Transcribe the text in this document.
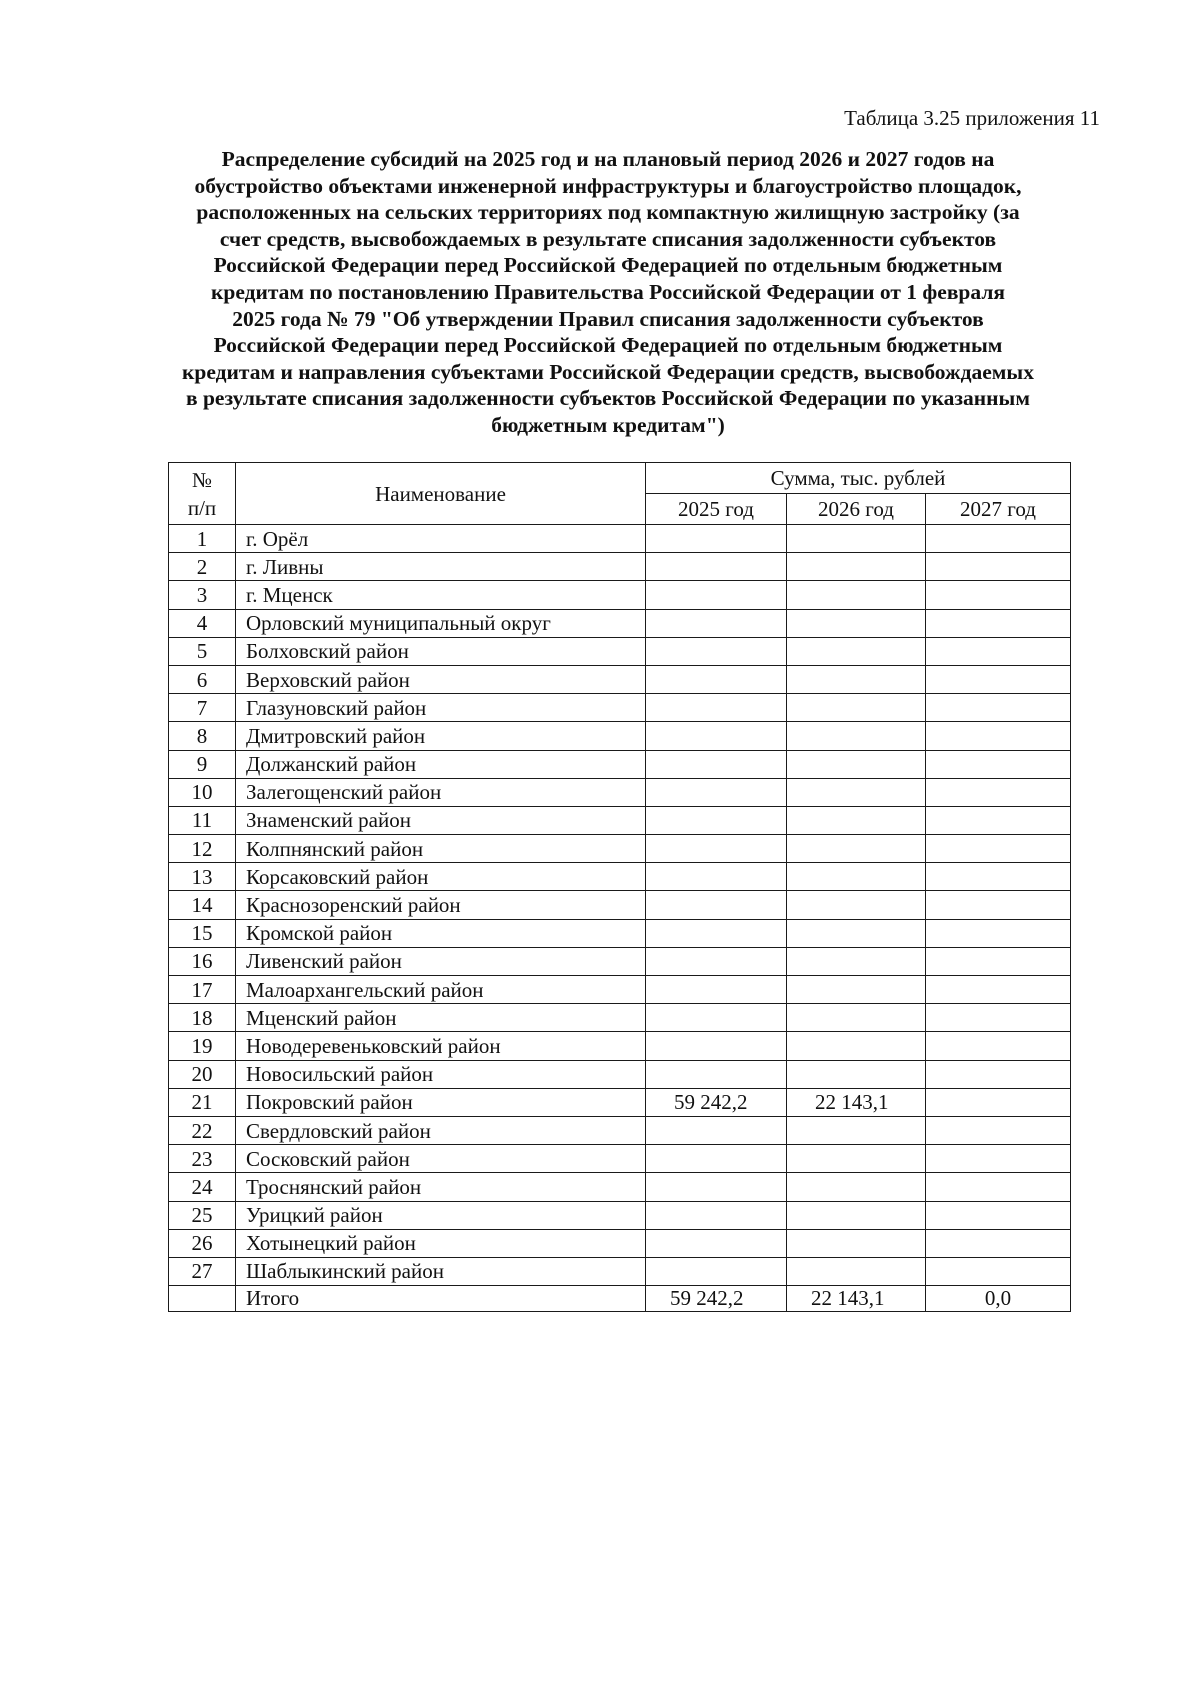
Таблица 3.25 приложения 11
Распределение субсидий на 2025 год и на плановый период 2026 и 2027 годов на
обустройство объектами инженерной инфраструктуры и благоустройство площадок,
расположенных на сельских территориях под компактную жилищную застройку (за
счет средств, высвобождаемых в результате списания задолженности субъектов
Российской Федерации перед Российской Федерацией по отдельным бюджетным
кредитам по постановлению Правительства Российской Федерации от 1 февраля
2025 года № 79 "Об утверждении Правил списания задолженности субъектов
Российской Федерации перед Российской Федерацией по отдельным бюджетным
кредитам и направления субъектами Российской Федерации средств, высвобождаемых
в результате списания задолженности субъектов Российской Федерации по указанным
бюджетным кредитам")
№
п/п	Наименование	Сумма, тыс. рублей		
		2025 год	2026 год	2027 год
1	г. Орёл			
2	г. Ливны			
3	г. Мценск			
4	Орловский муниципальный округ			
5	Болховский район			
6	Верховский район			
7	Глазуновский район			
8	Дмитровский район			
9	Должанский район			
10	Залегощенский район			
11	Знаменский район			
12	Колпнянский район			
13	Корсаковский район			
14	Краснозоренский район			
15	Кромской район			
16	Ливенский район			
17	Малоархангельский район			
18	Мценский район			
19	Новодеревеньковский район			
20	Новосильский район			
21	Покровский район	59 242,2	22 143,1	
22	Свердловский район			
23	Сосковский район			
24	Троснянский район			
25	Урицкий район			
26	Хотынецкий район			
27	Шаблыкинский район			
	Итого	59 242,2	22 143,1	0,0
